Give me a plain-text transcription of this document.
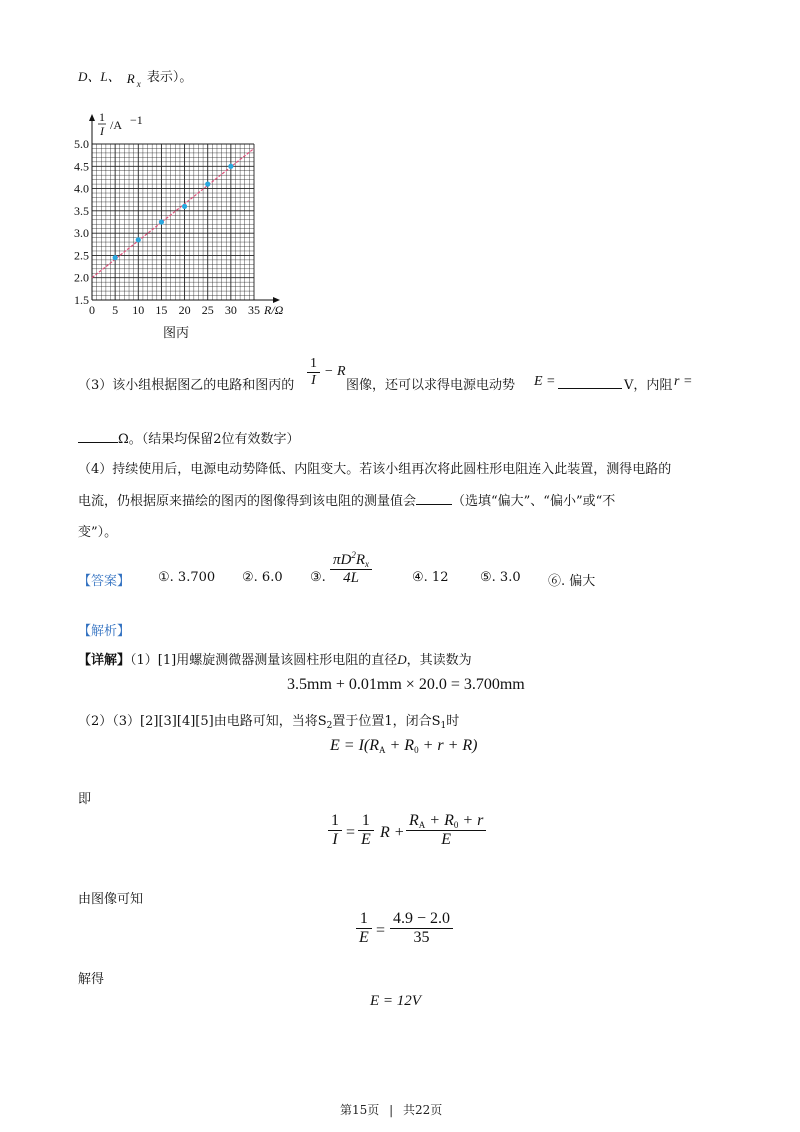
D、L、 R x 表示）。
0 5 10 15 20 25 30 35
1.5
2.0
2.5
3.0
3.5
4.0
4.5
5.0
R/Ω
1
I /A −1
图丙
（3）该小组根据图乙的电路和图丙的 $\frac{1}{I} - R$
图像，还可以求得电源电动势 E =	V，内阻 r =
Ω。（结果均保留2位有效数字）
（4）持续使用后，电源电动势降低、内阻变大。若该小组再次将此圆柱形电阻连入此装置，测得电路的
电流，仍根据原来描绘的图丙的图像得到该电阻的测量值会	（选填“偏大”、“偏小”或“不
变”）。
【答案】 ①. 3.700 ②. 6.0 ③. $\frac{\pi D^2R_x}{4L}$	④. 12 ⑤. 3.0 ⑥. 偏大
【解析】
【详解】（1）[1]用螺旋测微器测量该圆柱形电阻的直径D，其读数为
3.5mm + 0.01mm × 20.0 = 3.700mm
（2）（3）[2][3][4][5]由电路可知，当将$S_2$置于位置1，闭合$S_1$时
E = I(RA + R0 + r + R)
即
$\frac{1}{I} = \frac{1}{E}$ $R + \frac{RA + R0 + r}{E}$
由图像可知
$\frac{1}{E} = \frac{4.9 - 2.0}{35}$
解得
E = 12V
第15页 | 共22页
